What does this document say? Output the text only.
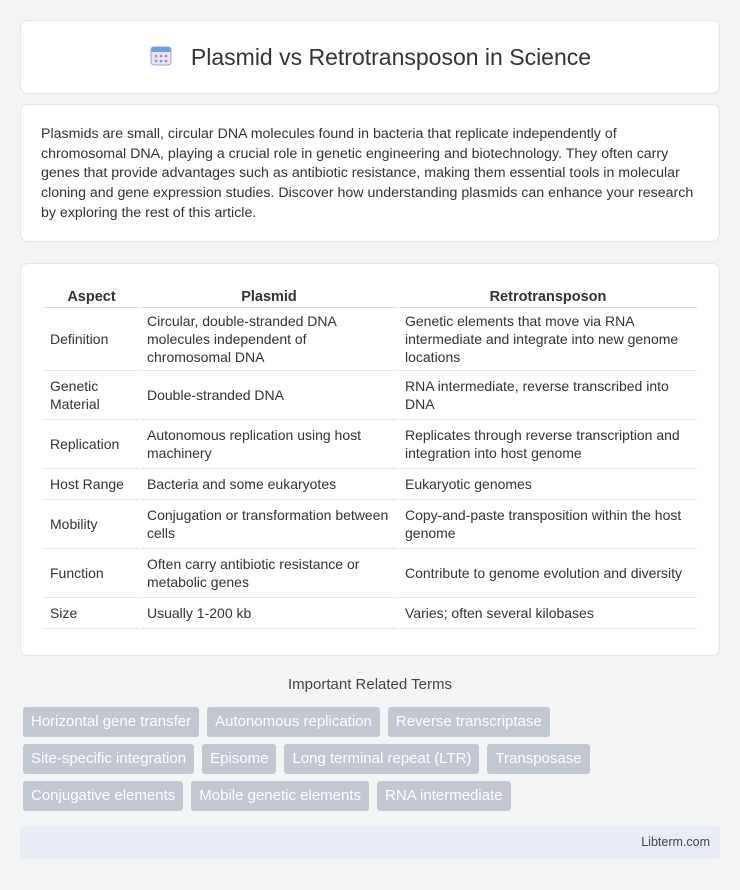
Plasmid vs Retrotransposon in Science

Plasmids are small, circular DNA molecules found in bacteria that replicate independently of chromosomal DNA, playing a crucial role in genetic engineering and biotechnology. They often carry genes that provide advantages such as antibiotic resistance, making them essential tools in molecular cloning and gene expression studies. Discover how understanding plasmids can enhance your research by exploring the rest of this article.

Aspect	Plasmid	Retrotransposon
Definition	Circular, double-stranded DNA molecules independent of chromosomal DNA	Genetic elements that move via RNA intermediate and integrate into new genome locations
Genetic Material	Double-stranded DNA	RNA intermediate, reverse transcribed into DNA
Replication	Autonomous replication using host machinery	Replicates through reverse transcription and integration into host genome
Host Range	Bacteria and some eukaryotes	Eukaryotic genomes
Mobility	Conjugation or transformation between cells	Copy-and-paste transposition within the host genome
Function	Often carry antibiotic resistance or metabolic genes	Contribute to genome evolution and diversity
Size	Usually 1-200 kb	Varies; often several kilobases
Important Related Terms
Horizontal gene transfer	Autonomous replication	Reverse transcriptase
Site-specific integration	Episome	Long terminal repeat (LTR)	Transposase
Conjugative elements	Mobile genetic elements	RNA intermediate
Libterm.com
